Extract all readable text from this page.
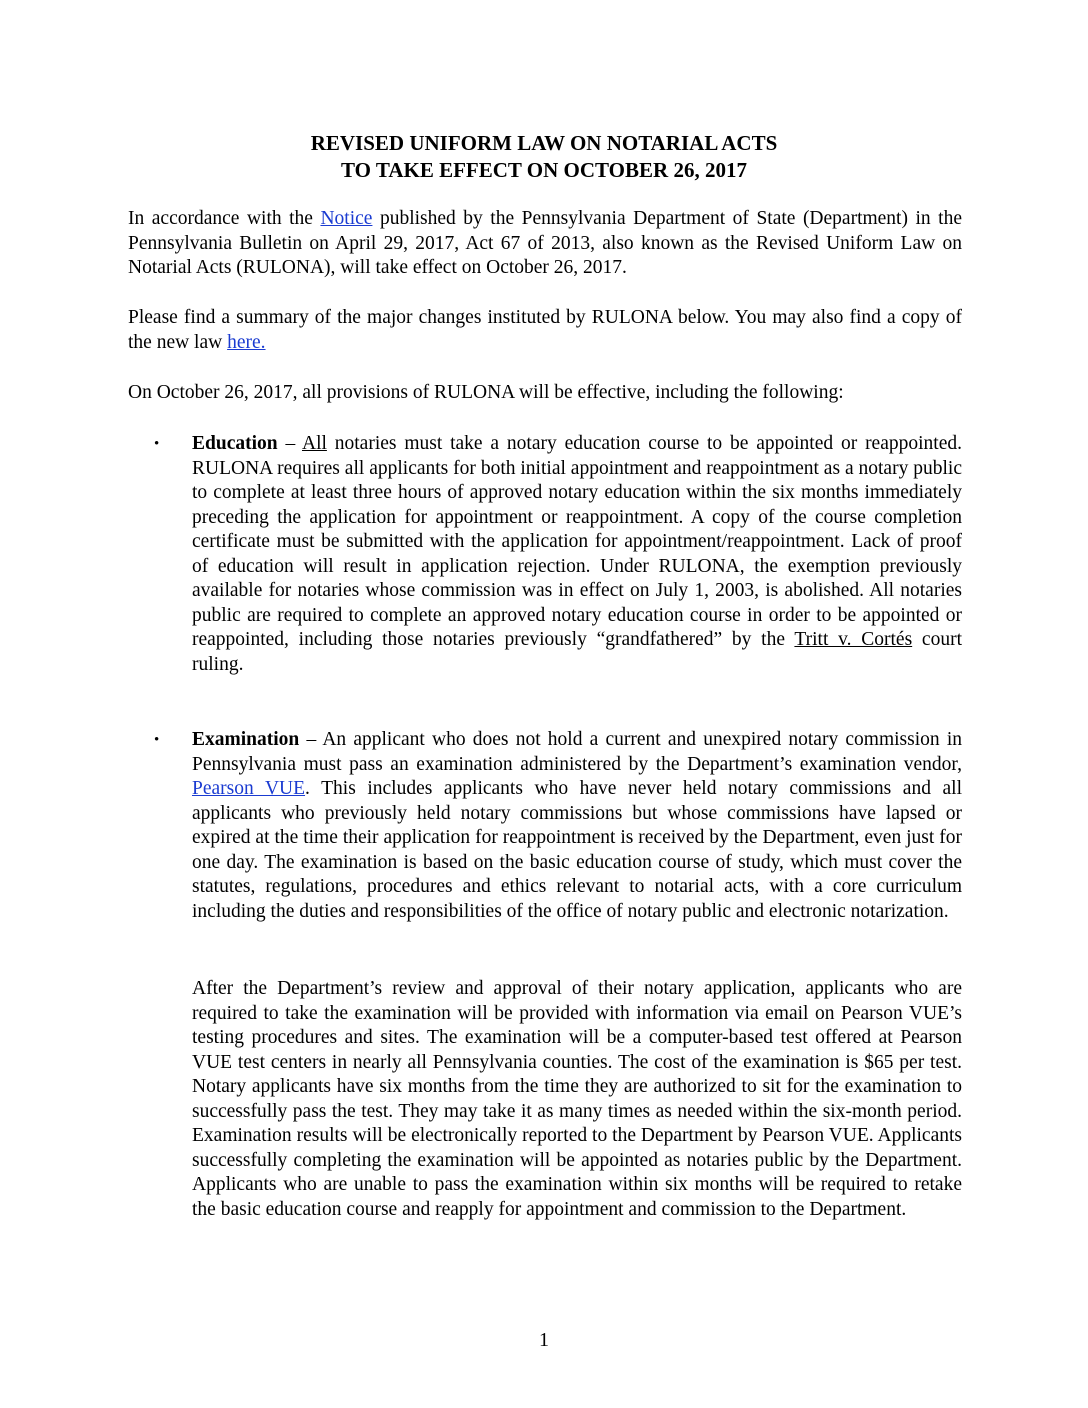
REVISED UNIFORM LAW ON NOTARIAL ACTS
TO TAKE EFFECT ON OCTOBER 26, 2017

In accordance with the Notice published by the Pennsylvania Department of State (Department) in the Pennsylvania Bulletin on April 29, 2017, Act 67 of 2013, also known as the Revised Uniform Law on Notarial Acts (RULONA), will take effect on October 26, 2017.

Please find a summary of the major changes instituted by RULONA below. You may also find a copy of the new law here.

On October 26, 2017, all provisions of RULONA will be effective, including the following:

• Education – All notaries must take a notary education course to be appointed or reappointed. RULONA requires all applicants for both initial appointment and reappointment as a notary public to complete at least three hours of approved notary education within the six months immediately preceding the application for appointment or reappointment. A copy of the course completion certificate must be submitted with the application for appointment/reappointment. Lack of proof of education will result in application rejection. Under RULONA, the exemption previously available for notaries whose commission was in effect on July 1, 2003, is abolished. All notaries public are required to complete an approved notary education course in order to be appointed or reappointed, including those notaries previously “grandfathered” by the Tritt v. Cortés court ruling.

• Examination – An applicant who does not hold a current and unexpired notary commission in Pennsylvania must pass an examination administered by the Department’s examination vendor, Pearson VUE. This includes applicants who have never held notary commissions and all applicants who previously held notary commissions but whose commissions have lapsed or expired at the time their application for reappointment is received by the Department, even just for one day. The examination is based on the basic education course of study, which must cover the statutes, regulations, procedures and ethics relevant to notarial acts, with a core curriculum including the duties and responsibilities of the office of notary public and electronic notarization.

After the Department’s review and approval of their notary application, applicants who are required to take the examination will be provided with information via email on Pearson VUE’s testing procedures and sites. The examination will be a computer-based test offered at Pearson VUE test centers in nearly all Pennsylvania counties. The cost of the examination is $65 per test. Notary applicants have six months from the time they are authorized to sit for the examination to successfully pass the test. They may take it as many times as needed within the six-month period. Examination results will be electronically reported to the Department by Pearson VUE. Applicants successfully completing the examination will be appointed as notaries public by the Department. Applicants who are unable to pass the examination within six months will be required to retake the basic education course and reapply for appointment and commission to the Department.

1
